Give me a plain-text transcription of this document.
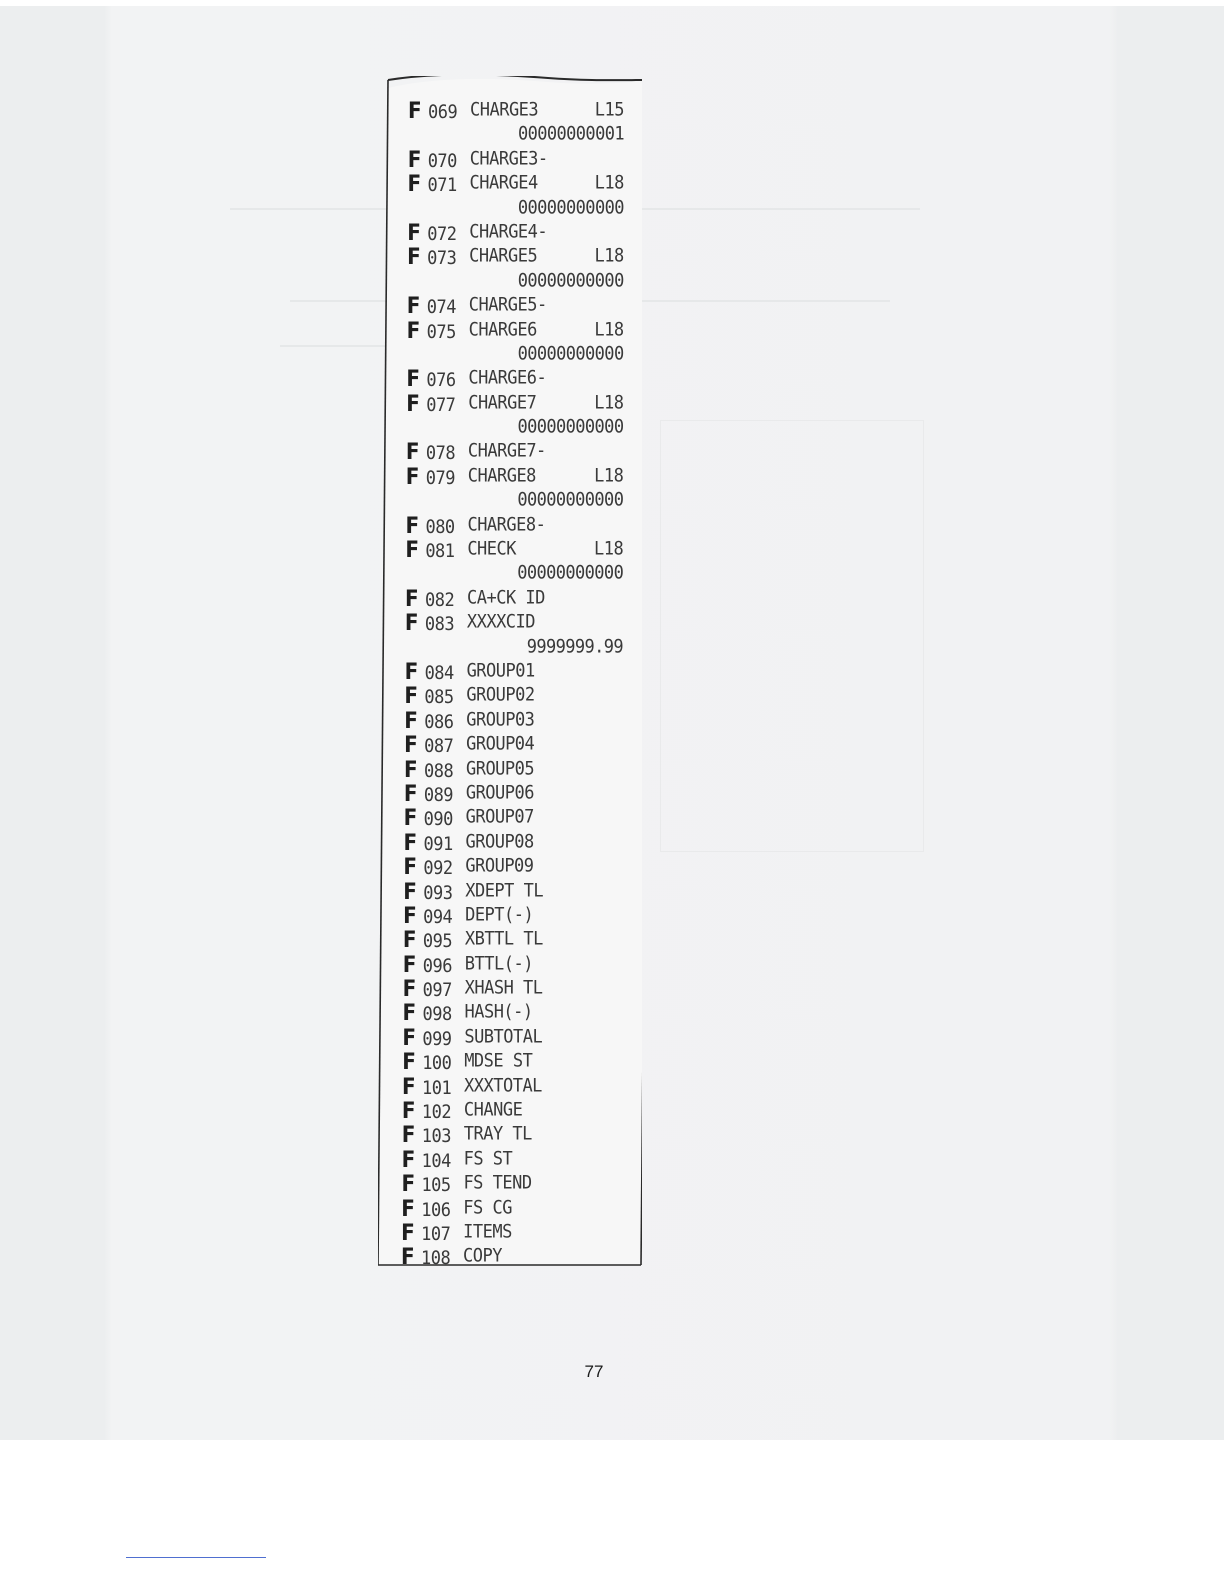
F 069 CHARGE3	L15
00000000001
F 070 CHARGE3-
F 071 CHARGE4	L18
00000000000
F 072 CHARGE4-
F 073 CHARGE5	L18
00000000000
F 074 CHARGE5-
F 075 CHARGE6	L18
00000000000
F 076 CHARGE6-
F 077 CHARGE7	L18
00000000000
F 078 CHARGE7-
F 079 CHARGE8	L18
00000000000
F 080 CHARGE8-
F 081 CHECK	L18
00000000000
F 082 CA+CK ID
F 083 XXXXCID
9999999.99
F 084 GROUP01
F 085 GROUP02
F 086 GROUP03
F 087 GROUP04
F 088 GROUP05
F 089 GROUP06
F 090 GROUP07
F 091 GROUP08
F 092 GROUP09
F 093 XDEPT TL
F 094 DEPT(-)
F 095 XBTTL TL
F 096 BTTL(-)
F 097 XHASH TL
F 098 HASH(-)
F 099 SUBTOTAL
F 100 MDSE ST
F 101 XXXTOTAL
F 102 CHANGE
F 103 TRAY TL
F 104 FS ST
F 105 FS TEND
F 106 FS CG
F 107 ITEMS
F 108 COPY
77
